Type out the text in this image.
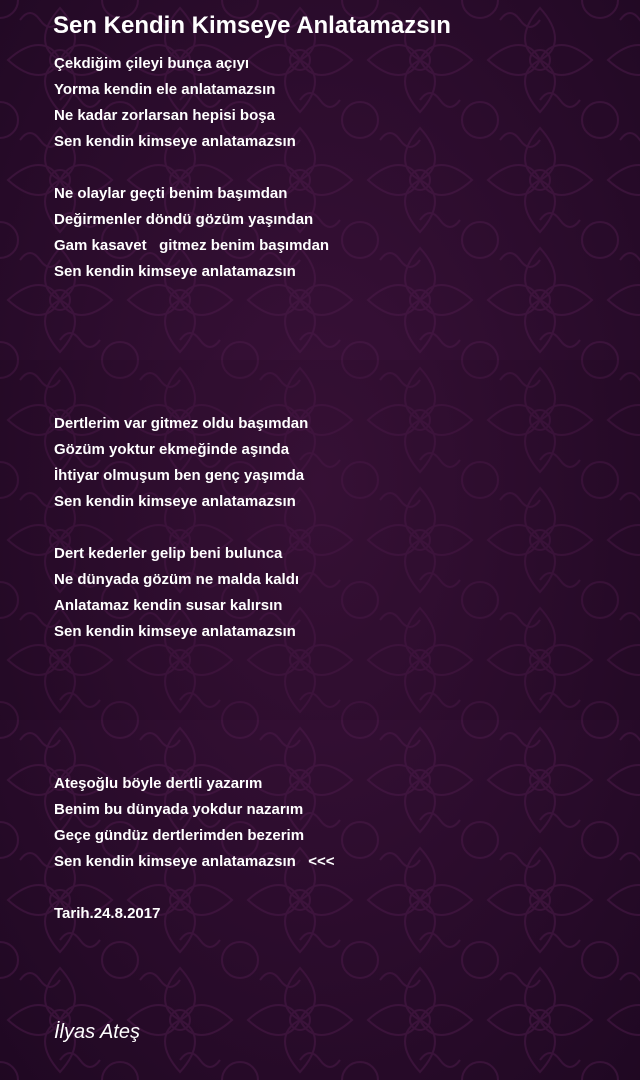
Sen Kendin Kimseye Anlatamazsın

Çekdiğim çileyi bunça açıyı

Yorma kendin ele anlatamazsın

Ne kadar zorlarsan hepisi boşa

Sen kendin kimseye anlatamazsın

Ne olaylar geçti benim başımdan

Değirmenler döndü gözüm yaşından

Gam kasavet   gitmez benim başımdan

Sen kendin kimseye anlatamazsın

Dertlerim var gitmez oldu başımdan

Gözüm yoktur ekmeğinde aşında

İhtiyar olmuşum ben genç yaşımda

Sen kendin kimseye anlatamazsın

Dert kederler gelip beni bulunca

Ne dünyada gözüm ne malda kaldı

Anlatamaz kendin susar kalırsın

Sen kendin kimseye anlatamazsın

Ateşoğlu böyle dertli yazarım

Benim bu dünyada yokdur nazarım

Geçe gündüz dertlerimden bezerim

Sen kendin kimseye anlatamazsın   <<<

Tarih.24.8.2017

İlyas Ateş
